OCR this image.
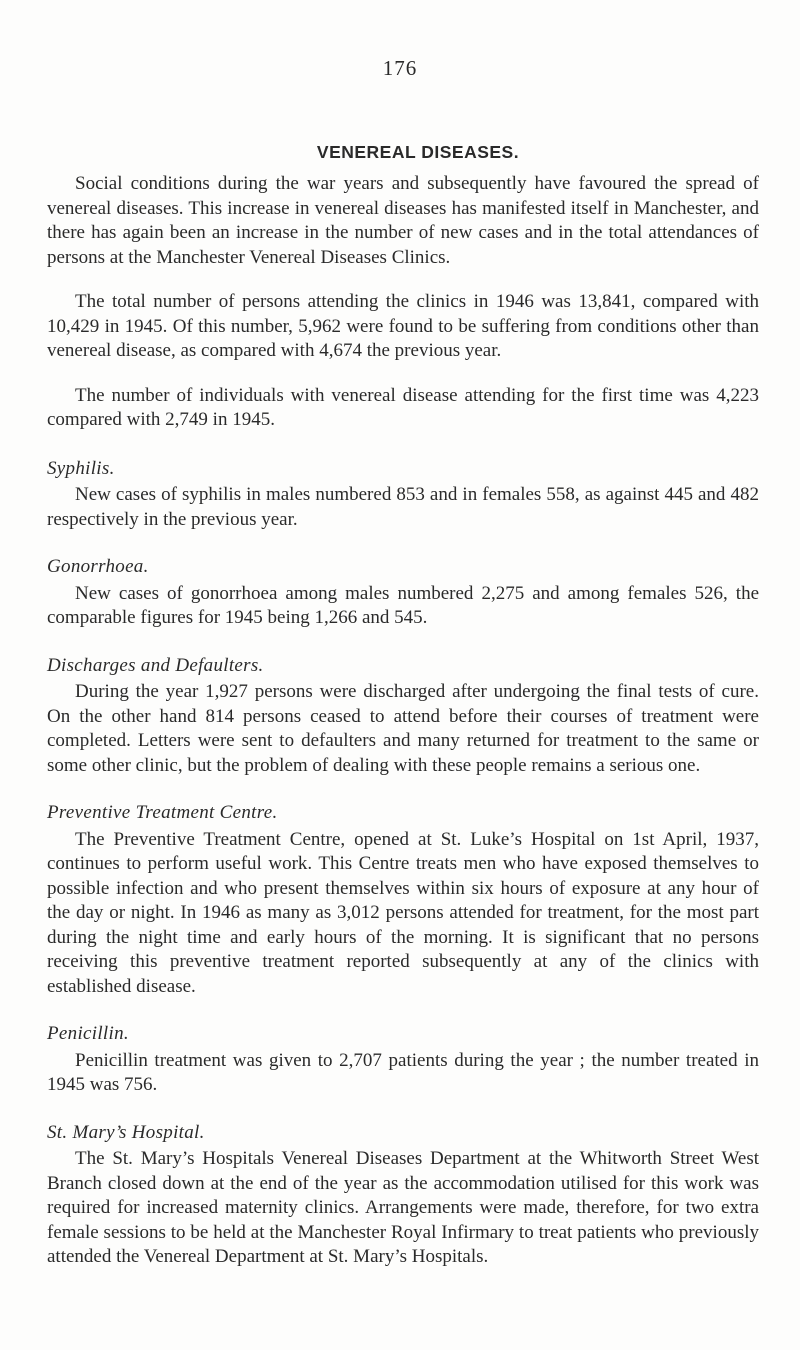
176
VENEREAL DISEASES.

Social conditions during the war years and subsequently have favoured the spread of venereal diseases. This increase in venereal diseases has manifested itself in Manchester, and there has again been an increase in the number of new cases and in the total attendances of persons at the Manchester Venereal Diseases Clinics.

The total number of persons attending the clinics in 1946 was 13,841, compared with 10,429 in 1945. Of this number, 5,962 were found to be suffering from conditions other than venereal disease, as compared with 4,674 the previous year.

The number of individuals with venereal disease attending for the first time was 4,223 compared with 2,749 in 1945.

Syphilis.

New cases of syphilis in males numbered 853 and in females 558, as against 445 and 482 respectively in the previous year.

Gonorrhoea.

New cases of gonorrhoea among males numbered 2,275 and among females 526, the comparable figures for 1945 being 1,266 and 545.

Discharges and Defaulters.

During the year 1,927 persons were discharged after undergoing the final tests of cure. On the other hand 814 persons ceased to attend before their courses of treatment were completed. Letters were sent to defaulters and many returned for treatment to the same or some other clinic, but the problem of dealing with these people remains a serious one.

Preventive Treatment Centre.

The Preventive Treatment Centre, opened at St. Luke’s Hospital on 1st April, 1937, continues to perform useful work. This Centre treats men who have exposed themselves to possible infection and who present themselves within six hours of exposure at any hour of the day or night. In 1946 as many as 3,012 persons attended for treatment, for the most part during the night time and early hours of the morning. It is significant that no persons receiving this preventive treatment reported subsequently at any of the clinics with established disease.

Penicillin.

Penicillin treatment was given to 2,707 patients during the year ; the number treated in 1945 was 756.

St. Mary’s Hospital.

The St. Mary’s Hospitals Venereal Diseases Department at the Whitworth Street West Branch closed down at the end of the year as the accommodation utilised for this work was required for increased maternity clinics. Arrangements were made, therefore, for two extra female sessions to be held at the Manchester Royal Infirmary to treat patients who previously attended the Venereal Department at St. Mary’s Hospitals.
